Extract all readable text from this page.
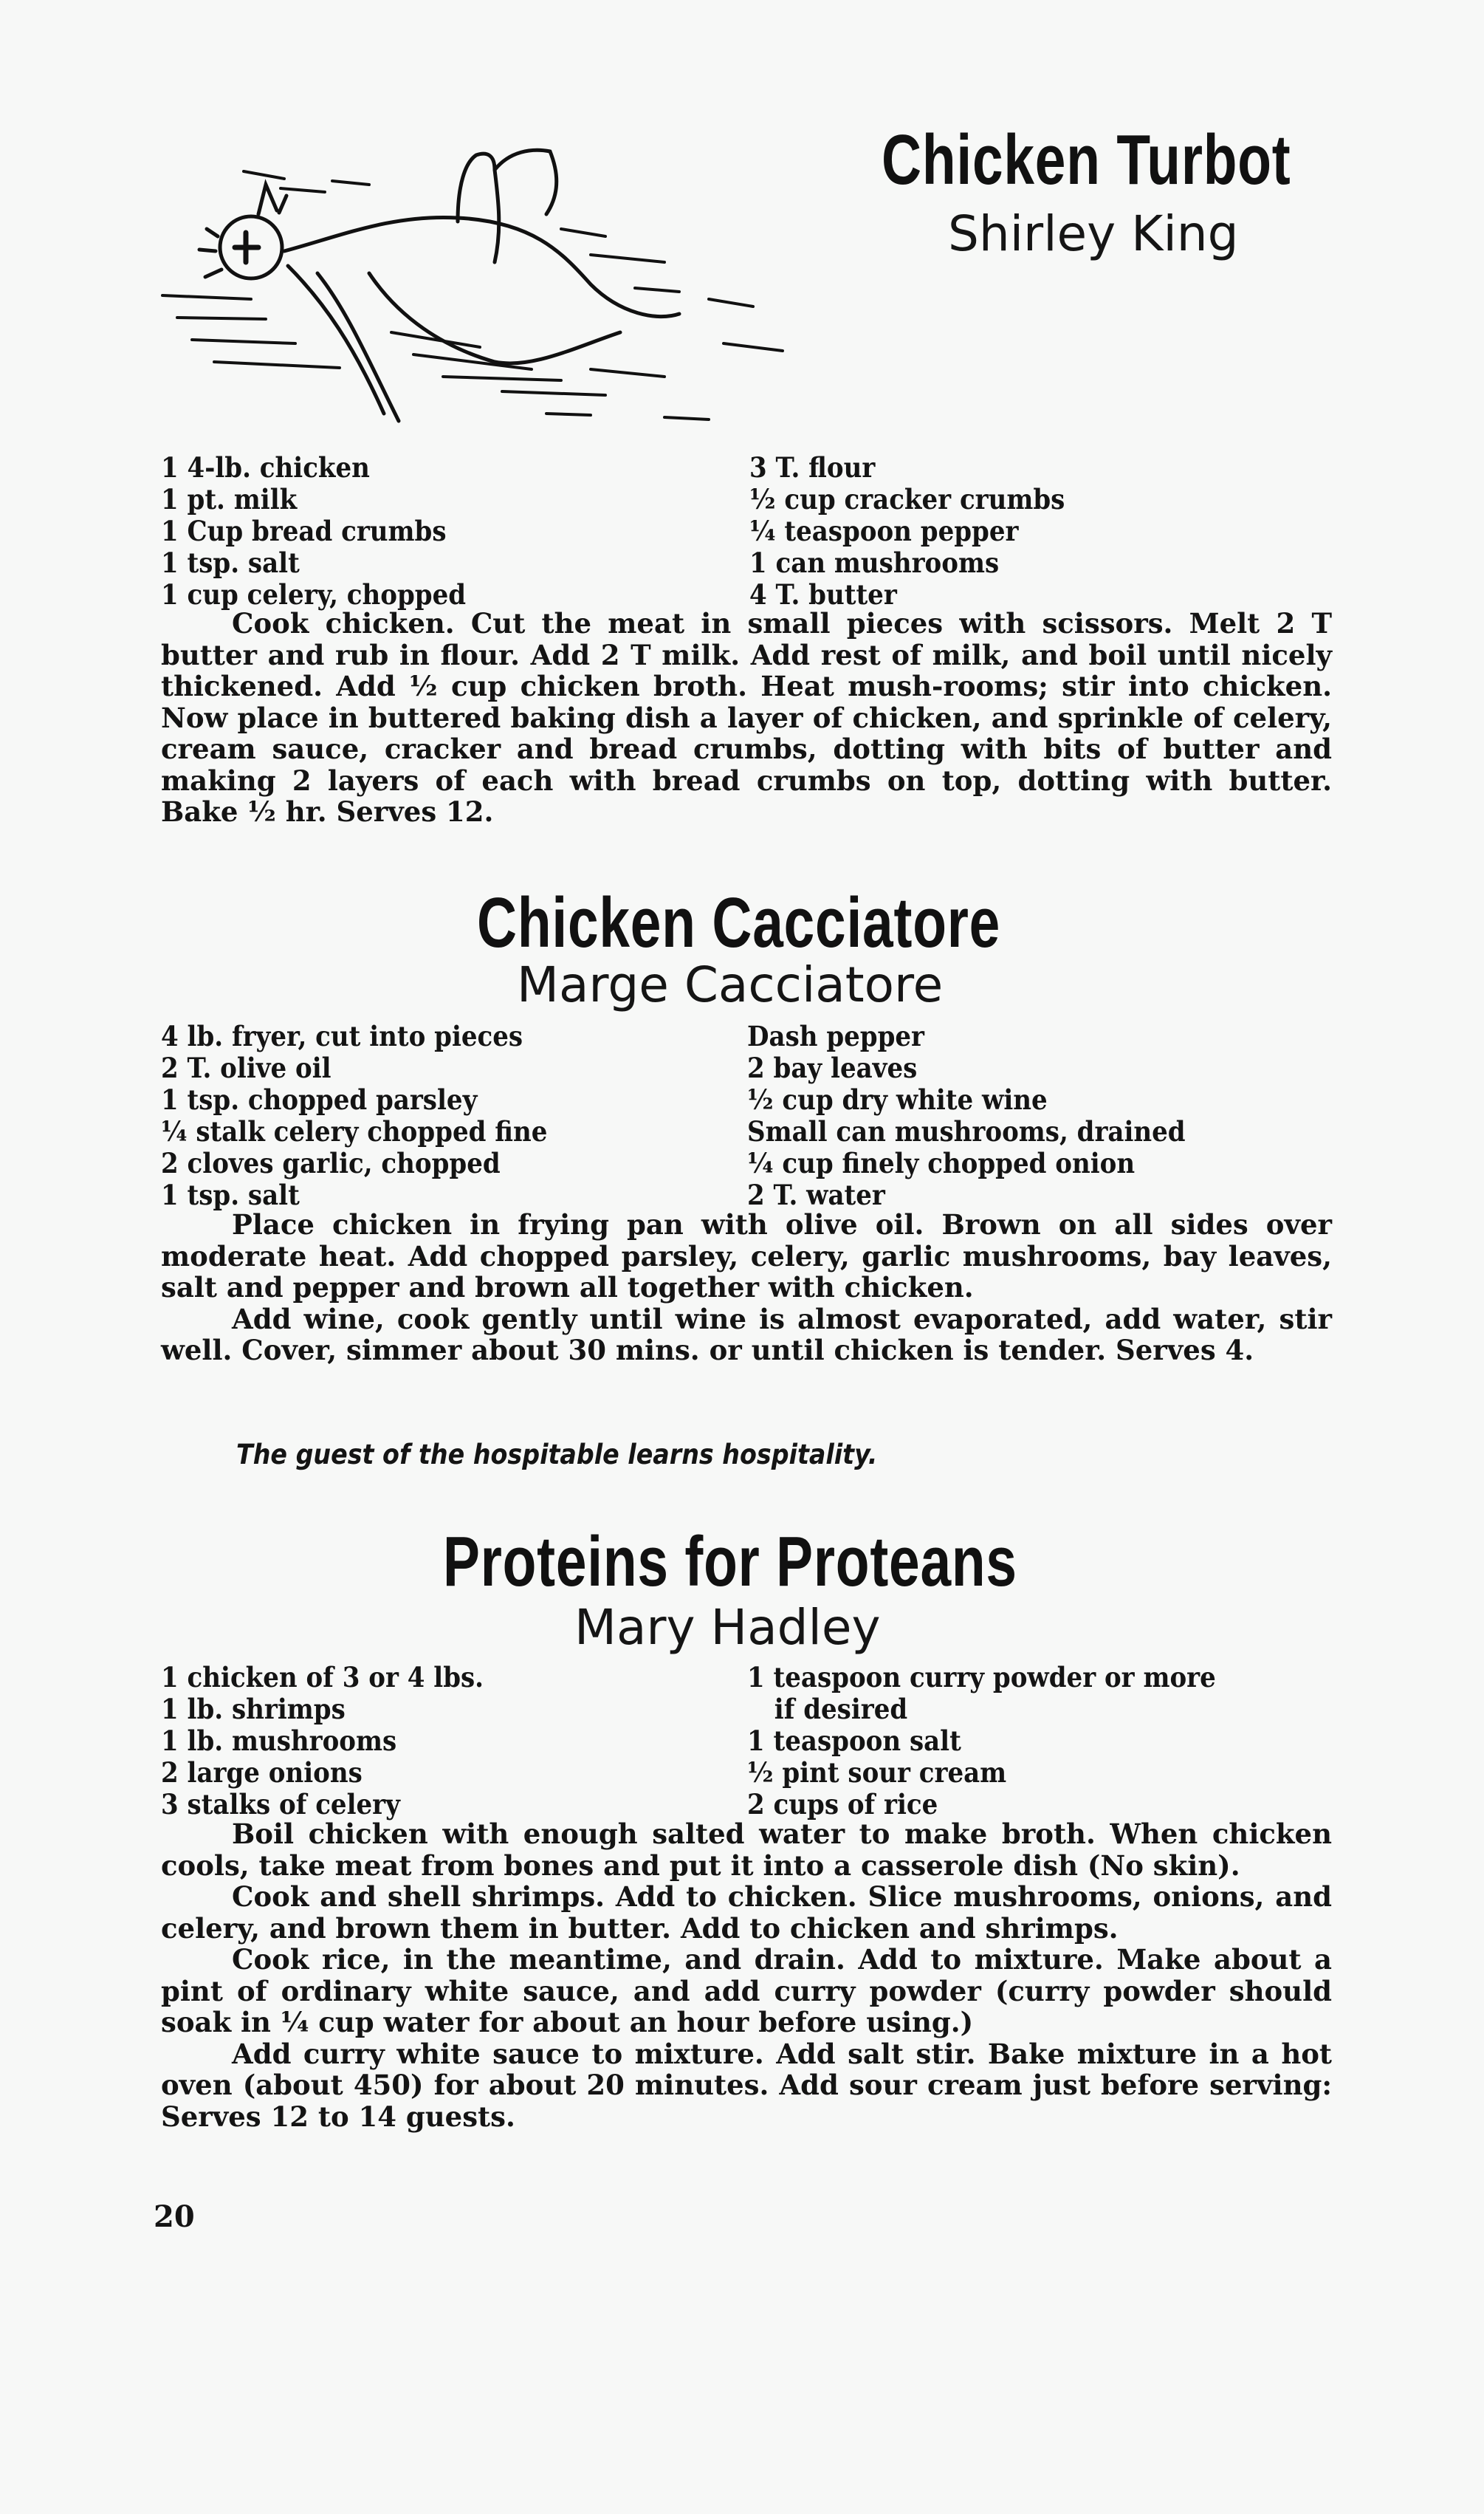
Chicken Turbot
Shirley King
1 4-lb. chicken
1 pt. milk
1 Cup bread crumbs
1 tsp. salt
1 cup celery, chopped
3 T. flour
½ cup cracker crumbs
¼ teaspoon pepper
1 can mushrooms
4 T. butter

Cook chicken. Cut the meat in small pieces with scissors. Melt 2 T butter and rub in flour. Add 2 T milk. Add rest of milk, and boil until nicely thickened. Add ½ cup chicken broth. Heat mush-rooms; stir into chicken. Now place in buttered baking dish a layer of chicken, and sprinkle of celery, cream sauce, cracker and bread crumbs, dotting with bits of butter and making 2 layers of each with bread crumbs on top, dotting with butter. Bake ½ hr. Serves 12.

Chicken Cacciatore
Marge Cacciatore
4 lb. fryer, cut into pieces
2 T. olive oil
1 tsp. chopped parsley
¼ stalk celery chopped fine
2 cloves garlic, chopped
1 tsp. salt
Dash pepper
2 bay leaves
½ cup dry white wine
Small can mushrooms, drained
¼ cup finely chopped onion
2 T. water

Place chicken in frying pan with olive oil. Brown on all sides over moderate heat. Add chopped parsley, celery, garlic mushrooms, bay leaves, salt and pepper and brown all together with chicken.

Add wine, cook gently until wine is almost evaporated, add water, stir well. Cover, simmer about 30 mins. or until chicken is tender. Serves 4.

The guest of the hospitable learns hospitality.
Proteins for Proteans
Mary Hadley
1 chicken of 3 or 4 lbs.
1 lb. shrimps
1 lb. mushrooms
2 large onions
3 stalks of celery
1 teaspoon curry powder or more
if desired
1 teaspoon salt
½ pint sour cream
2 cups of rice

Boil chicken with enough salted water to make broth. When chicken cools, take meat from bones and put it into a casserole dish (No skin).

Cook and shell shrimps. Add to chicken. Slice mushrooms, onions, and celery, and brown them in butter. Add to chicken and shrimps.

Cook rice, in the meantime, and drain. Add to mixture. Make about a pint of ordinary white sauce, and add curry powder (curry powder should soak in ¼ cup water for about an hour before using.)

Add curry white sauce to mixture. Add salt stir. Bake mixture in a hot oven (about 450) for about 20 minutes. Add sour cream just before serving: Serves 12 to 14 guests.

20
